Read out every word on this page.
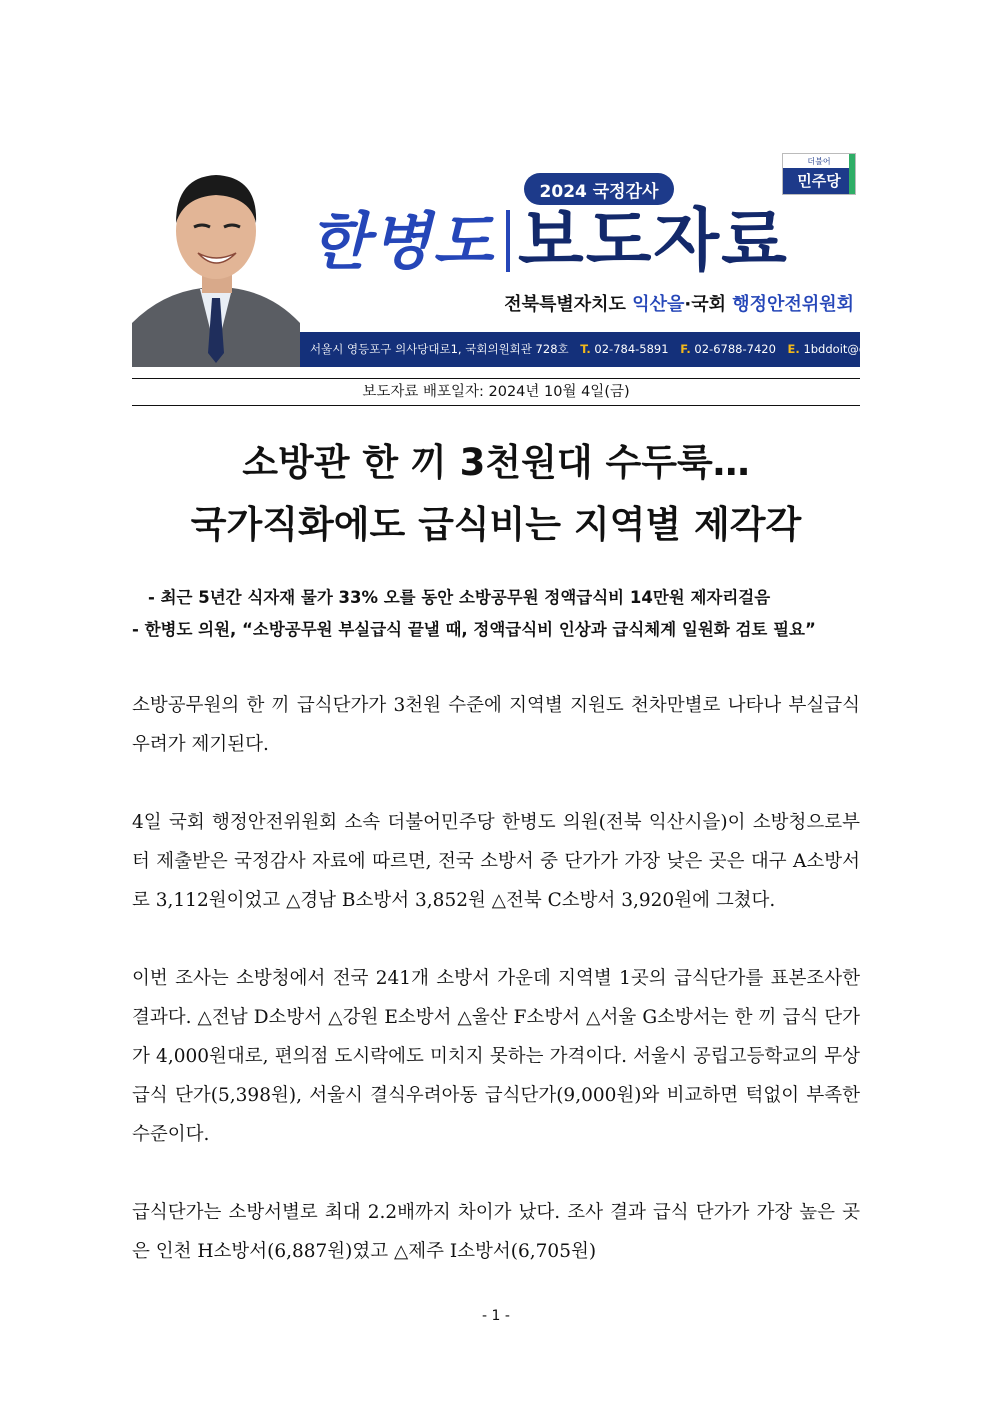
2024 국정감사
더불어
민주당
한병도 보도자료
전북특별자치도 익산을·국회 행정안전위원회
서울시 영등포구 의사당대로1, 국회의원회관 728호 T. 02-784-5891 F. 02-6788-7420 E. 1bddoit@gmail.com
보도자료 배포일자: 2024년 10월 4일(금)
소방관 한 끼 3천원대 수두룩…
국가직화에도 급식비는 지역별 제각각
- 최근 5년간 식자재 물가 33% 오를 동안 소방공무원 정액급식비 14만원 제자리걸음
- 한병도 의원, “소방공무원 부실급식 끝낼 때, 정액급식비 인상과 급식체계 일원화 검토 필요”

소방공무원의 한 끼 급식단가가 3천원 수준에 지역별 지원도 천차만별로 나타나 부실급식 우려가 제기된다.

4일 국회 행정안전위원회 소속 더불어민주당 한병도 의원(전북 익산시을)이 소방청으로부터 제출받은 국정감사 자료에 따르면, 전국 소방서 중 단가가 가장 낮은 곳은 대구 A소방서로 3,112원이었고 △경남 B소방서 3,852원 △전북 C소방서 3,920원에 그쳤다.

이번 조사는 소방청에서 전국 241개 소방서 가운데 지역별 1곳의 급식단가를 표본조사한 결과다. △전남 D소방서 △강원 E소방서 △울산 F소방서 △서울 G소방서는 한 끼 급식 단가가 4,000원대로, 편의점 도시락에도 미치지 못하는 가격이다. 서울시 공립고등학교의 무상급식 단가(5,398원), 서울시 결식우려아동 급식단가(9,000원)와 비교하면 턱없이 부족한 수준이다.

급식단가는 소방서별로 최대 2.2배까지 차이가 났다. 조사 결과 급식 단가가 가장 높은 곳은 인천 H소방서(6,887원)였고 △제주 I소방서(6,705원)

- 1 -
